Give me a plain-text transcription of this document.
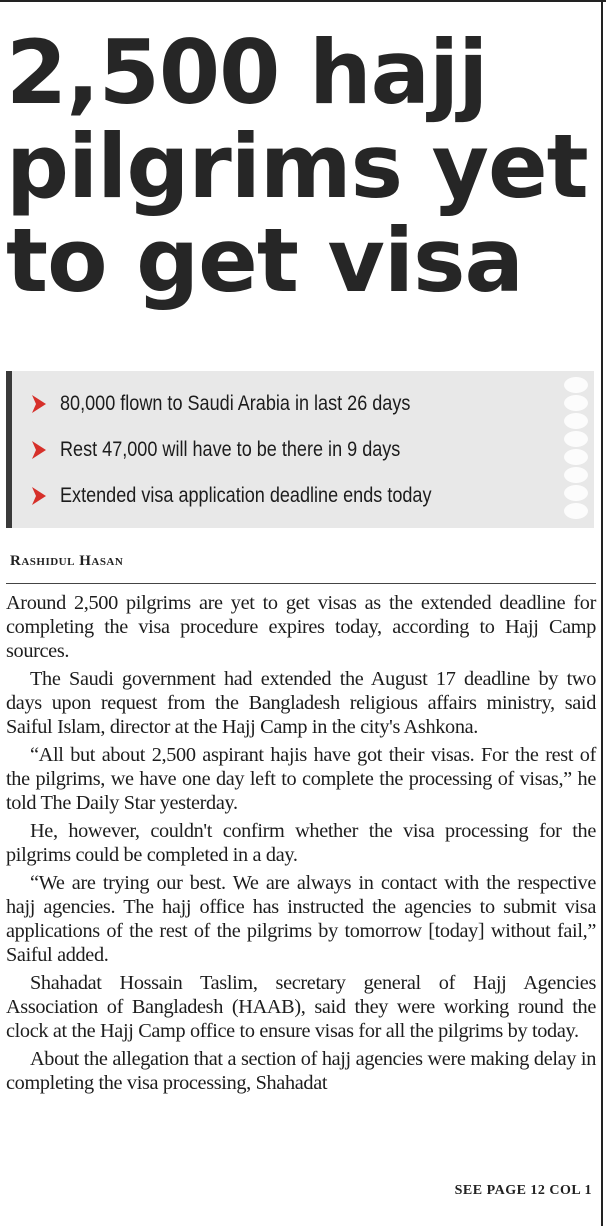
2,500 hajj
pilgrims yet
to get visa
80,000 flown to Saudi Arabia in last 26 days
Rest 47,000 will have to be there in 9 days
Extended visa application deadline ends today
Rashidul Hasan

Around 2,500 pilgrims are yet to get visas as the extended deadline for completing the visa procedure expires today, according to Hajj Camp sources.

The Saudi government had extended the August 17 deadline by two days upon request from the Bangladesh religious affairs ministry, said Saiful Islam, director at the Hajj Camp in the city's Ashkona.

“All but about 2,500 aspirant hajis have got their visas. For the rest of the pilgrims, we have one day left to complete the processing of visas,” he told The Daily Star yesterday.

He, however, couldn't confirm whether the visa processing for the pilgrims could be completed in a day.

“We are trying our best. We are always in contact with the respective hajj agencies. The hajj office has instructed the agencies to submit visa applications of the rest of the pilgrims by tomorrow [today] without fail,” Saiful added.

Shahadat Hossain Taslim, secretary general of Hajj Agencies Association of Bangladesh (HAAB), said they were working round the clock at the Hajj Camp office to ensure visas for all the pilgrims by today.

About the allegation that a section of hajj agencies were making delay in completing the visa processing, Shahadat

SEE PAGE 12 COL 1
